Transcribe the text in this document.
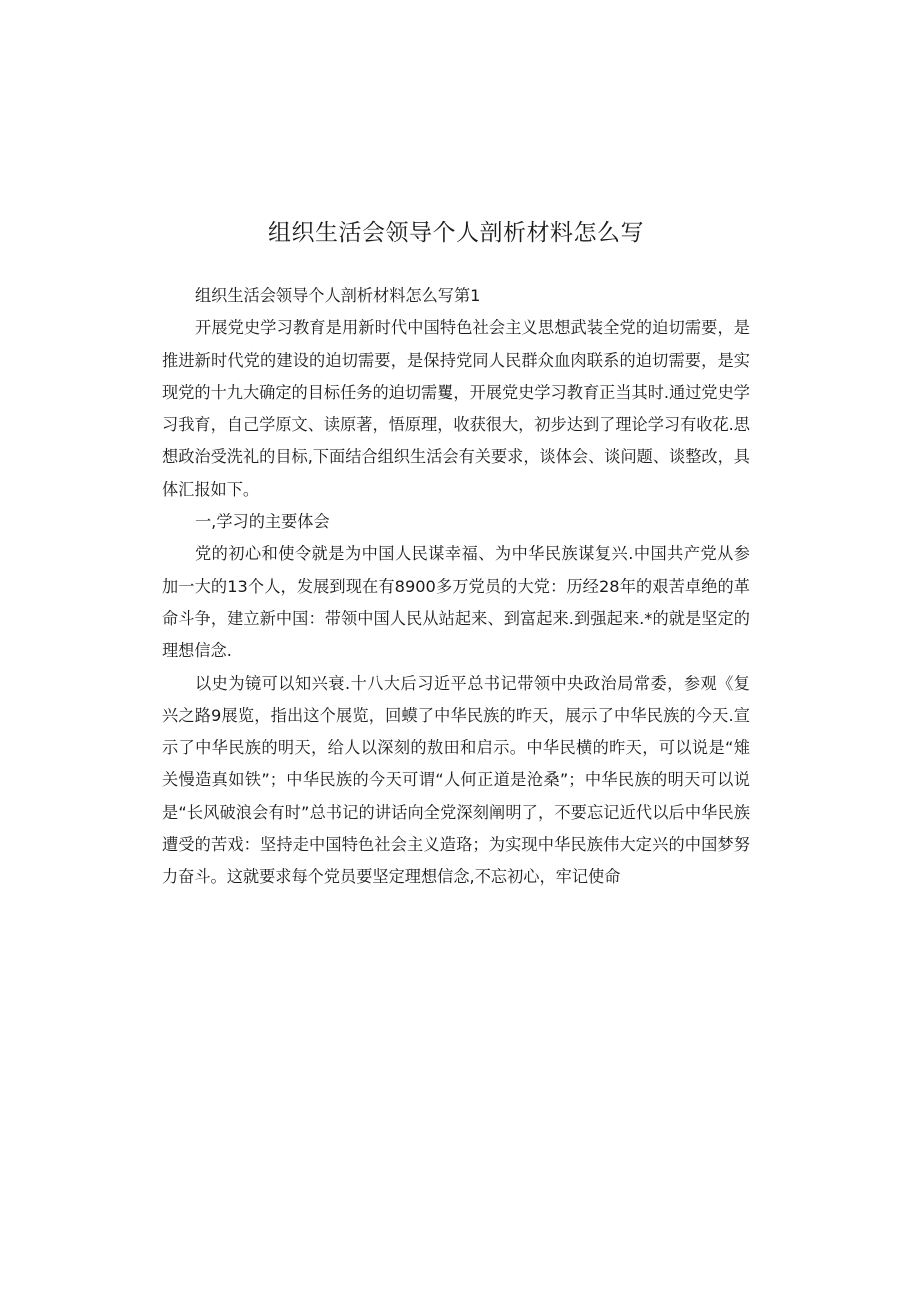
组织生活会领导个人剖析材料怎么写

组织生活会领导个人剖析材料怎么写第1

开展党史学习教育是用新时代中国特色社会主义思想武装全党的迫切需要，是推进新时代党的建设的迫切需要，是保持党同人民群众血肉联系的迫切需要，是实现党的十九大确定的目标任务的迫切需矍，开展党史学习教育正当其时.通过党史学习我育，自己学原文、读原著，悟原理，收获很大，初步达到了理论学习有收花.思想政治受洗礼的目标,下面结合组织生活会有关要求，谈体会、谈问题、谈整改，具体汇报如下。

一,学习的主要体会

党的初心和使令就是为中国人民谋幸福、为中华民族谋复兴.中国共产党从参加一大的13个人，发展到现在有8900多万党员的大党：历经28年的艰苦卓绝的革命斗争，建立新中国：带领中国人民从站起来、到富起来.到强起来.*的就是坚定的理想信念.

以史为镜可以知兴衰.十八大后习近平总书记带领中央政治局常委，参观《复兴之路9展览，指出这个展览，回蟆了中华民族的昨天，展示了中华民族的今天.宣示了中华民族的明天，给人以深刻的敖田和启示。中华民横的昨天，可以说是“雉关慢造真如铁”；中华民族的今天可谓“人何正道是沧桑”；中华民族的明天可以说是“长风破浪会有时”总书记的讲话向全党深刻阐明了，不要忘记近代以后中华民族遭受的苦戏：坚持走中国特色社会主义造珞；为实现中华民族伟大定兴的中国梦努力奋斗。这就要求每个党员要坚定理想信念,不忘初心，牢记使命
